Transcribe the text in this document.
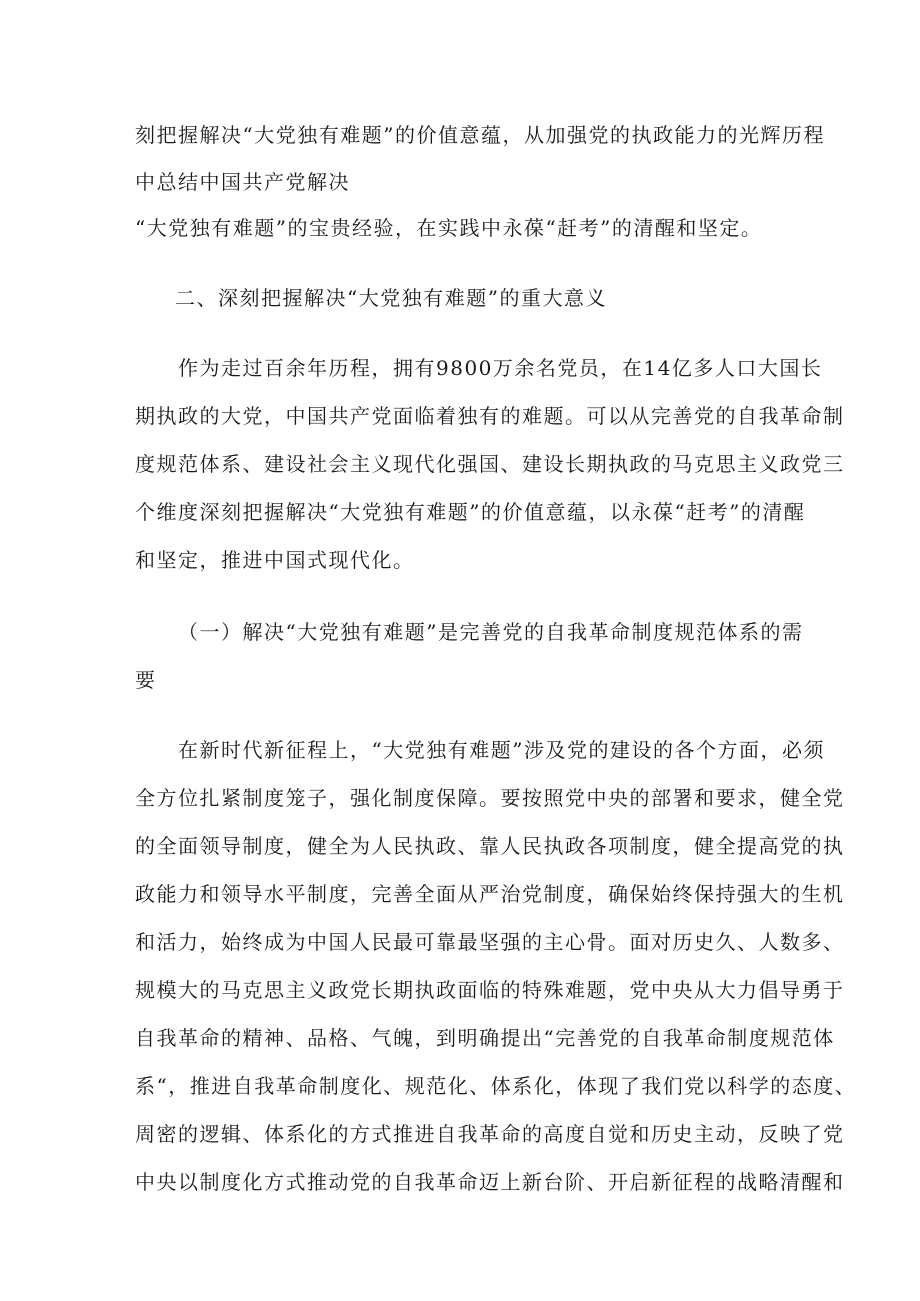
刻把握解决“大党独有难题”的价值意蕴，从加强党的执政能力的光辉历程
中总结中国共产党解决
“大党独有难题”的宝贵经验，在实践中永葆“赶考”的清醒和坚定。
二、深刻把握解决“大党独有难题”的重大意义
作为走过百余年历程，拥有9800万余名党员，在14亿多人口大国长
期执政的大党，中国共产党面临着独有的难题。可以从完善党的自我革命制
度规范体系、建设社会主义现代化强国、建设长期执政的马克思主义政党三
个维度深刻把握解决“大党独有难题”的价值意蕴，以永葆“赶考”的清醒
和坚定，推进中国式现代化。
（一）解决“大党独有难题”是完善党的自我革命制度规范体系的需
要
在新时代新征程上，“大党独有难题”涉及党的建设的各个方面，必须
全方位扎紧制度笼子，强化制度保障。要按照党中央的部署和要求，健全党
的全面领导制度，健全为人民执政、靠人民执政各项制度，健全提高党的执
政能力和领导水平制度，完善全面从严治党制度，确保始终保持强大的生机
和活力，始终成为中国人民最可靠最坚强的主心骨。面对历史久、人数多、
规模大的马克思主义政党长期执政面临的特殊难题，党中央从大力倡导勇于
自我革命的精神、品格、气魄，到明确提出“完善党的自我革命制度规范体
系“，推进自我革命制度化、规范化、体系化，体现了我们党以科学的态度、
周密的逻辑、体系化的方式推进自我革命的高度自觉和历史主动，反映了党
中央以制度化方式推动党的自我革命迈上新台阶、开启新征程的战略清醒和
